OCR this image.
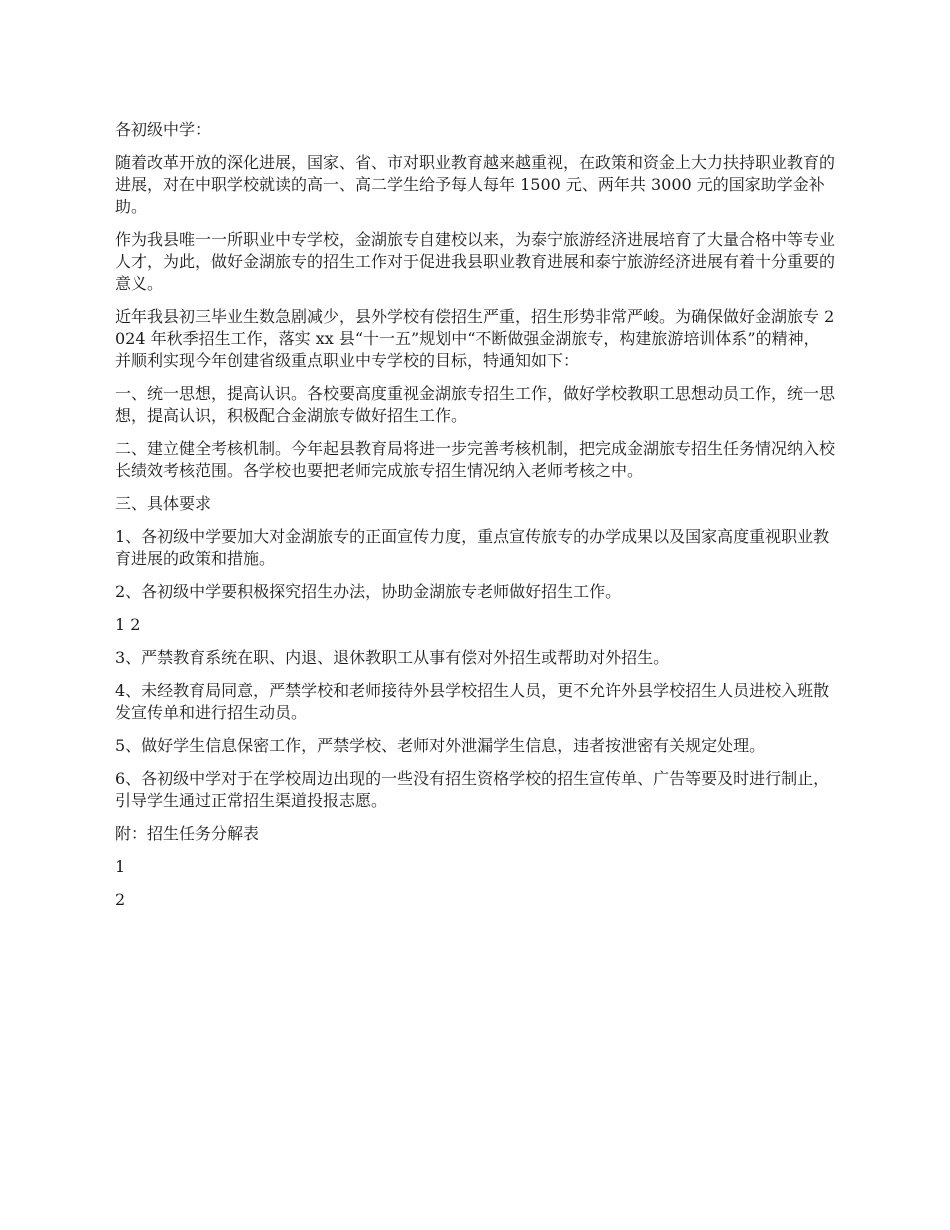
各初级中学：

随着改革开放的深化进展，国家、省、市对职业教育越来越重视，在政策和资金上大力扶持职业教育的进展，对在中职学校就读的高一、高二学生给予每人每年 1500 元、两年共 3000 元的国家助学金补助。

作为我县唯一一所职业中专学校，金湖旅专自建校以来，为泰宁旅游经济进展培育了大量合格中等专业人才，为此，做好金湖旅专的招生工作对于促进我县职业教育进展和泰宁旅游经济进展有着十分重要的意义。

近年我县初三毕业生数急剧减少，县外学校有偿招生严重，招生形势非常严峻。为确保做好金湖旅专 2024 年秋季招生工作，落实 xx 县“十一五”规划中“不断做强金湖旅专，构建旅游培训体系”的精神，并顺利实现今年创建省级重点职业中专学校的目标，特通知如下：

一、统一思想，提高认识。各校要高度重视金湖旅专招生工作，做好学校教职工思想动员工作，统一思想，提高认识，积极配合金湖旅专做好招生工作。

二、建立健全考核机制。今年起县教育局将进一步完善考核机制，把完成金湖旅专招生任务情况纳入校长绩效考核范围。各学校也要把老师完成旅专招生情况纳入老师考核之中。

三、具体要求

1、各初级中学要加大对金湖旅专的正面宣传力度，重点宣传旅专的办学成果以及国家高度重视职业教育进展的政策和措施。

2、各初级中学要积极探究招生办法，协助金湖旅专老师做好招生工作。

1 2

3、严禁教育系统在职、内退、退休教职工从事有偿对外招生或帮助对外招生。

4、未经教育局同意，严禁学校和老师接待外县学校招生人员，更不允许外县学校招生人员进校入班散发宣传单和进行招生动员。

5、做好学生信息保密工作，严禁学校、老师对外泄漏学生信息，违者按泄密有关规定处理。

6、各初级中学对于在学校周边出现的一些没有招生资格学校的招生宣传单、广告等要及时进行制止，引导学生通过正常招生渠道投报志愿。

附：招生任务分解表

1

2
